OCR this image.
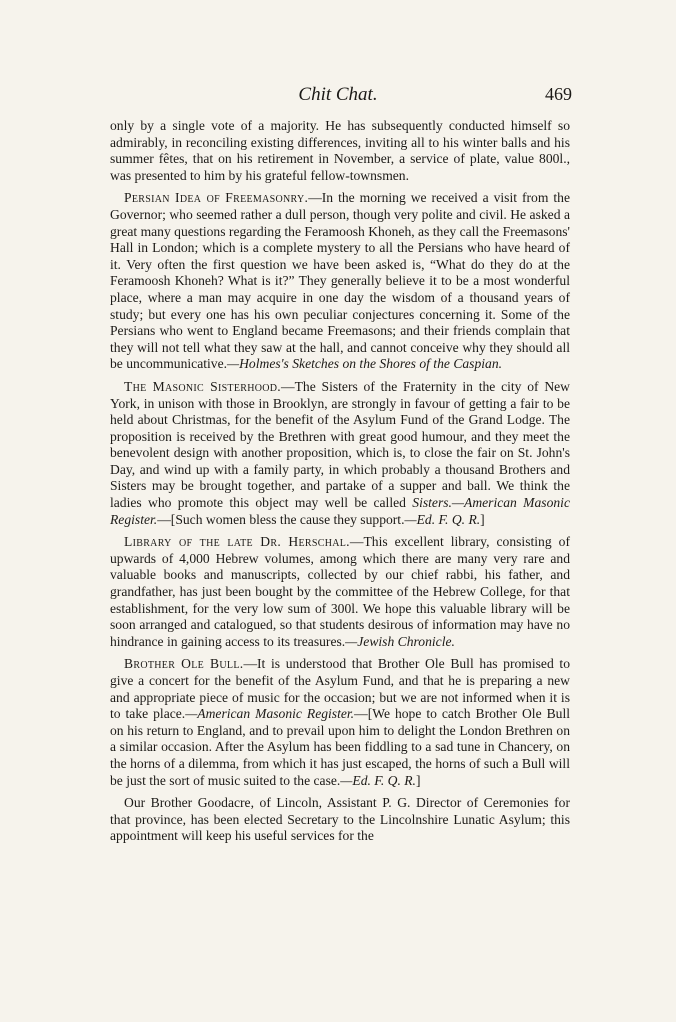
Chit Chat.	469

only by a single vote of a majority. He has subsequently conducted himself so admirably, in reconciling existing differences, inviting all to his winter balls and his summer fêtes, that on his retirement in November, a service of plate, value 800l., was presented to him by his grateful fellow-townsmen.

Persian Idea of Freemasonry.—In the morning we received a visit from the Governor; who seemed rather a dull person, though very polite and civil. He asked a great many questions regarding the Feramoosh Khoneh, as they call the Freemasons' Hall in London; which is a complete mystery to all the Persians who have heard of it. Very often the first question we have been asked is, “What do they do at the Feramoosh Khoneh? What is it?” They generally believe it to be a most wonderful place, where a man may acquire in one day the wisdom of a thousand years of study; but every one has his own peculiar conjectures concerning it. Some of the Persians who went to England became Freemasons; and their friends complain that they will not tell what they saw at the hall, and cannot conceive why they should all be uncommunicative.—Holmes's Sketches on the Shores of the Caspian.

The Masonic Sisterhood.—The Sisters of the Fraternity in the city of New York, in unison with those in Brooklyn, are strongly in favour of getting a fair to be held about Christmas, for the benefit of the Asylum Fund of the Grand Lodge. The proposition is received by the Brethren with great good humour, and they meet the benevolent design with another proposition, which is, to close the fair on St. John's Day, and wind up with a family party, in which probably a thousand Brothers and Sisters may be brought together, and partake of a supper and ball. We think the ladies who promote this object may well be called Sisters.—American Masonic Register.—[Such women bless the cause they support.—Ed. F. Q. R.]

Library of the late Dr. Herschal.—This excellent library, consisting of upwards of 4,000 Hebrew volumes, among which there are many very rare and valuable books and manuscripts, collected by our chief rabbi, his father, and grandfather, has just been bought by the committee of the Hebrew College, for that establishment, for the very low sum of 300l. We hope this valuable library will be soon arranged and catalogued, so that students desirous of information may have no hindrance in gaining access to its treasures.—Jewish Chronicle.

Brother Ole Bull.—It is understood that Brother Ole Bull has promised to give a concert for the benefit of the Asylum Fund, and that he is preparing a new and appropriate piece of music for the occasion; but we are not informed when it is to take place.—American Masonic Register.—[We hope to catch Brother Ole Bull on his return to England, and to prevail upon him to delight the London Brethren on a similar occasion. After the Asylum has been fiddling to a sad tune in Chancery, on the horns of a dilemma, from which it has just escaped, the horns of such a Bull will be just the sort of music suited to the case.—Ed. F. Q. R.]

Our Brother Goodacre, of Lincoln, Assistant P. G. Director of Ceremonies for that province, has been elected Secretary to the Lincolnshire Lunatic Asylum; this appointment will keep his useful services for the
